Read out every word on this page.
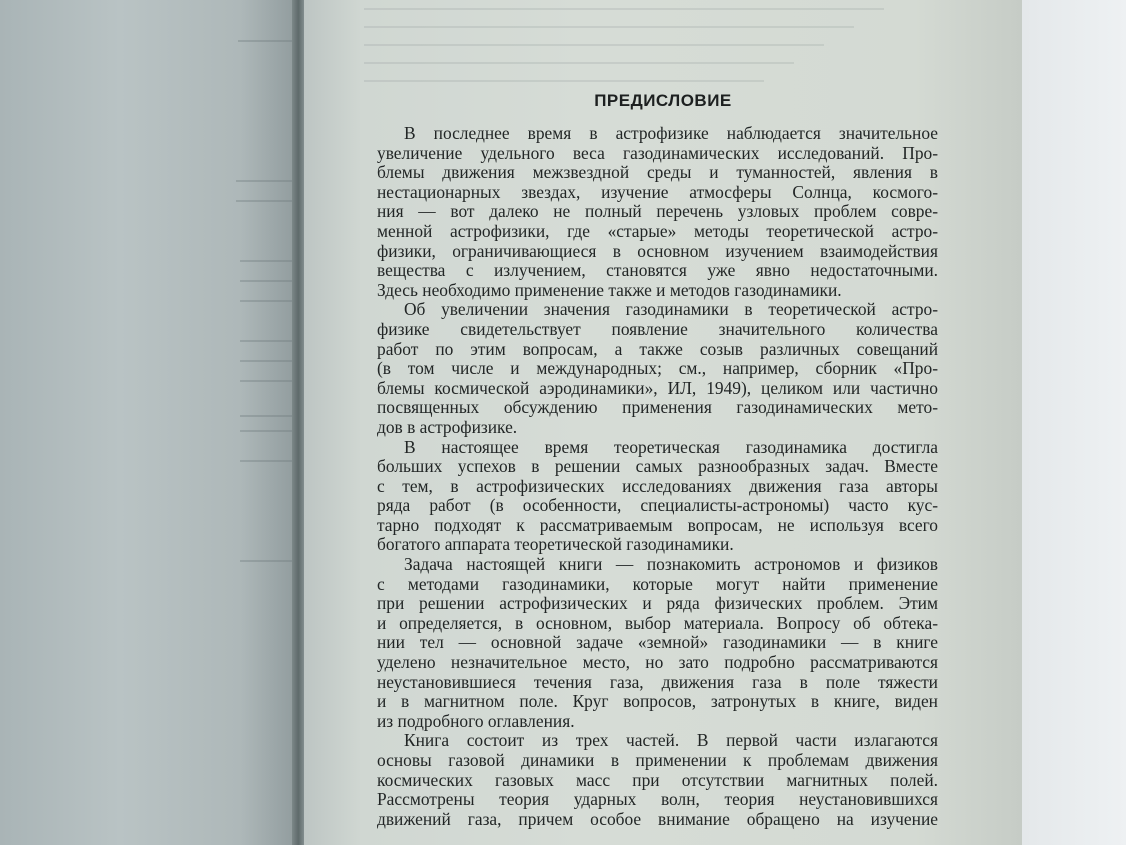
ПРЕДИСЛОВИЕ
В последнее время в астрофизике наблюдается значительное
увеличение удельного веса газодинамических исследований. Про-
блемы движения межзвездной среды и туманностей, явления в
нестационарных звездах, изучение атмосферы Солнца, космого-
ния — вот далеко не полный перечень узловых проблем совре-
менной астрофизики, где «старые» методы теоретической астро-
физики, ограничивающиеся в основном изучением взаимодействия
вещества с излучением, становятся уже явно недостаточными.
Здесь необходимо применение также и методов газодинамики.
Об увеличении значения газодинамики в теоретической астро-
физике свидетельствует появление значительного количества
работ по этим вопросам, а также созыв различных совещаний
(в том числе и международных; см., например, сборник «Про-
блемы космической аэродинамики», ИЛ, 1949), целиком или частично
посвященных обсуждению применения газодинамических мето-
дов в астрофизике.
В настоящее время теоретическая газодинамика достигла
больших успехов в решении самых разнообразных задач. Вместе
с тем, в астрофизических исследованиях движения газа авторы
ряда работ (в особенности, специалисты-астрономы) часто кус-
тарно подходят к рассматриваемым вопросам, не используя всего
богатого аппарата теоретической газодинамики.
Задача настоящей книги — познакомить астрономов и физиков
с методами газодинамики, которые могут найти применение
при решении астрофизических и ряда физических проблем. Этим
и определяется, в основном, выбор материала. Вопросу об обтека-
нии тел — основной задаче «земной» газодинамики — в книге
уделено незначительное место, но зато подробно рассматриваются
неустановившиеся течения газа, движения газа в поле тяжести
и в магнитном поле. Круг вопросов, затронутых в книге, виден
из подробного оглавления.
Книга состоит из трех частей. В первой части излагаются
основы газовой динамики в применении к проблемам движения
космических газовых масс при отсутствии магнитных полей.
Рассмотрены теория ударных волн, теория неустановившихся
движений газа, причем особое внимание обращено на изучение
